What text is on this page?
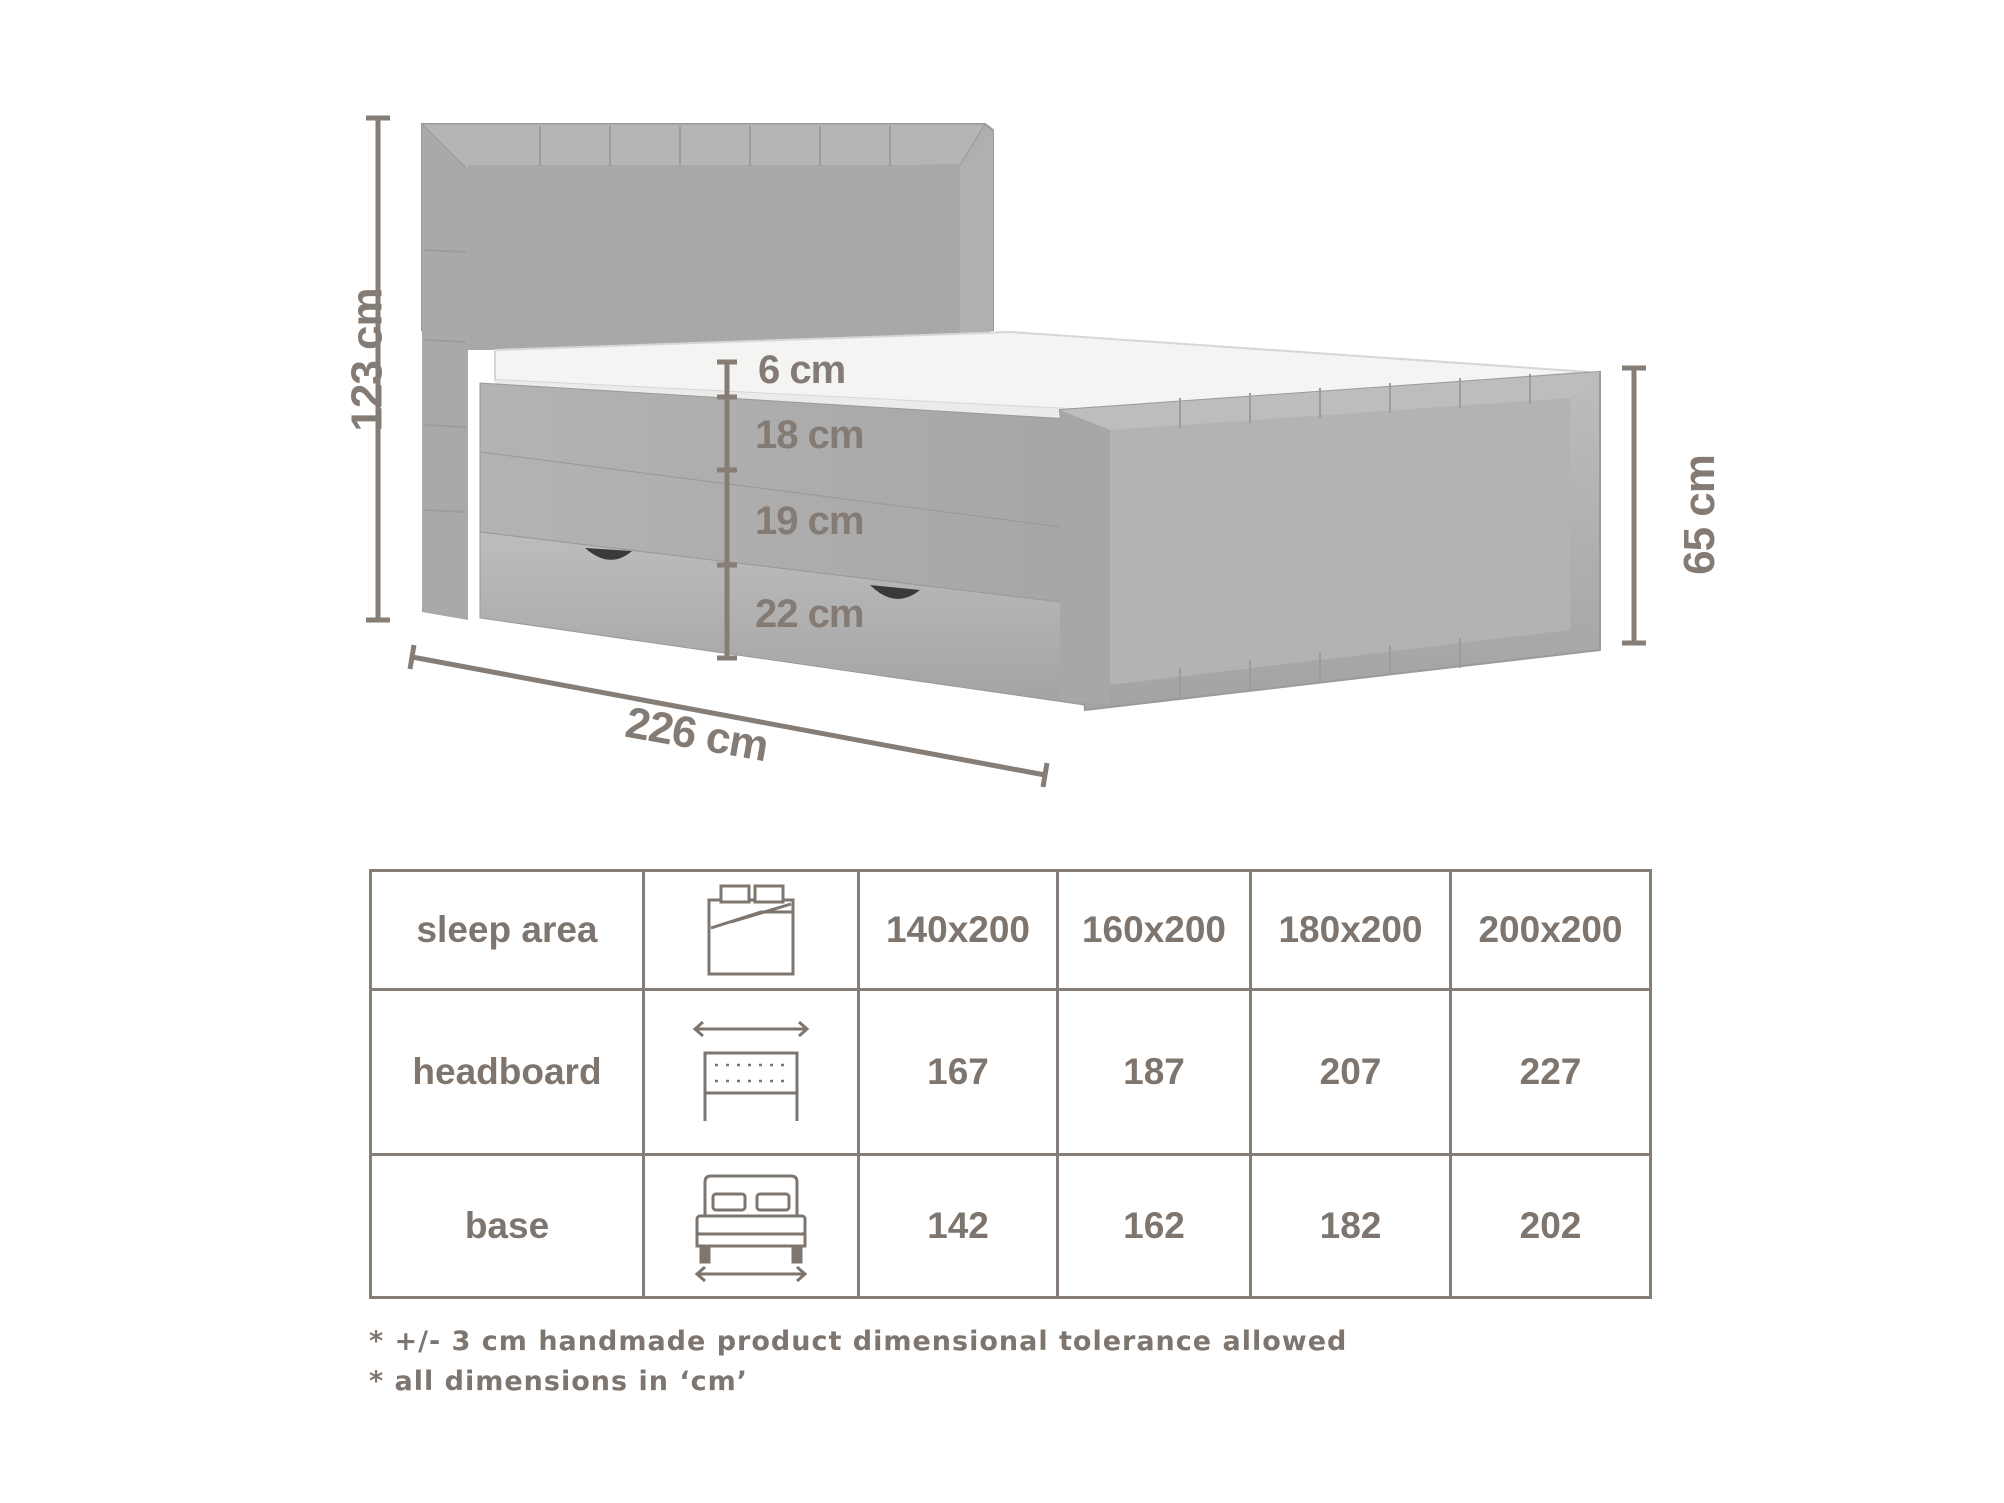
123 cm
226 cm
65 cm
6 cm
18 cm
19 cm
22 cm
sleep area		140x200	160x200	180x200	200x200
headboard		167	187	207	227
base		142	162	182	202
* +/- 3 cm handmade product dimensional tolerance allowed
* all dimensions in ‘cm’
